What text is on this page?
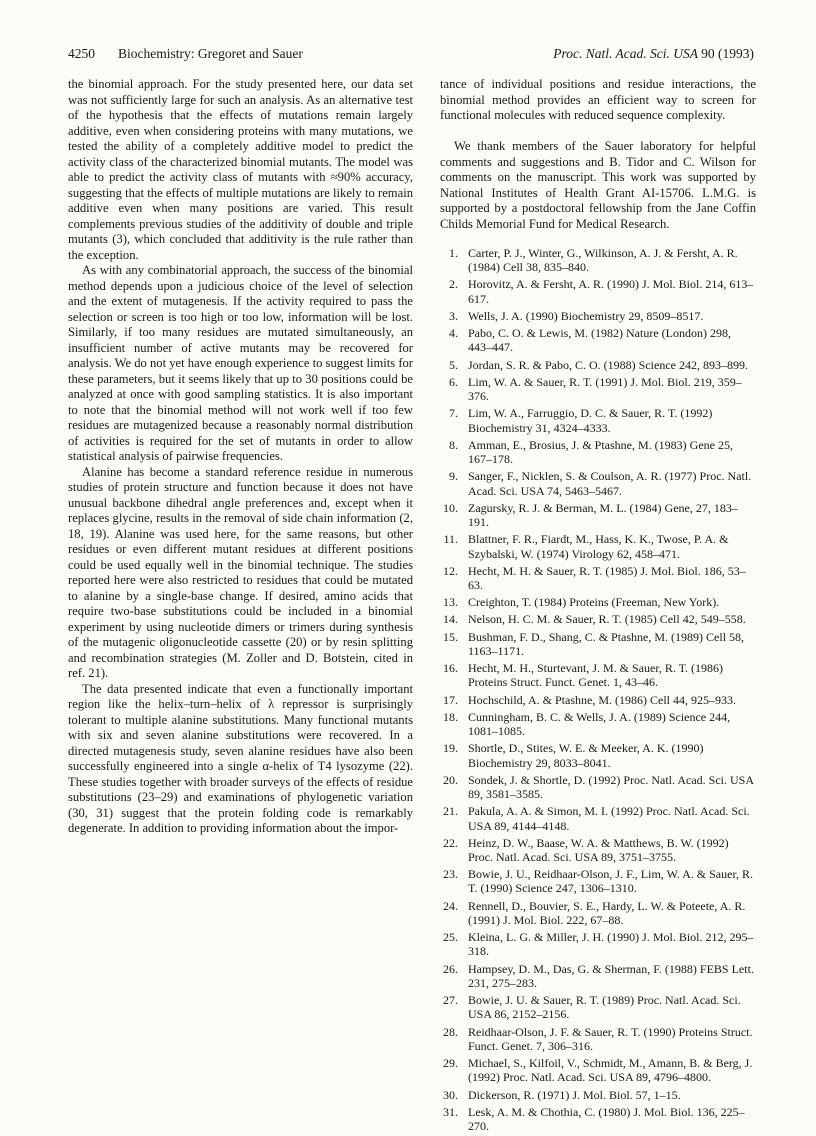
4250 Biochemistry: Gregoret and Sauer	Proc. Natl. Acad. Sci. USA 90 (1993)

the binomial approach. For the study presented here, our data set was not sufficiently large for such an analysis. As an alternative test of the hypothesis that the effects of mutations remain largely additive, even when considering proteins with many mutations, we tested the ability of a completely additive model to predict the activity class of the characterized binomial mutants. The model was able to predict the activity class of mutants with ≈90% accuracy, suggesting that the effects of multiple mutations are likely to remain additive even when many positions are varied. This result complements previous studies of the additivity of double and triple mutants (3), which concluded that additivity is the rule rather than the exception.

As with any combinatorial approach, the success of the binomial method depends upon a judicious choice of the level of selection and the extent of mutagenesis. If the activity required to pass the selection or screen is too high or too low, information will be lost. Similarly, if too many residues are mutated simultaneously, an insufficient number of active mutants may be recovered for analysis. We do not yet have enough experience to suggest limits for these parameters, but it seems likely that up to 30 positions could be analyzed at once with good sampling statistics. It is also important to note that the binomial method will not work well if too few residues are mutagenized because a reasonably normal distribution of activities is required for the set of mutants in order to allow statistical analysis of pairwise frequencies.

Alanine has become a standard reference residue in numerous studies of protein structure and function because it does not have unusual backbone dihedral angle preferences and, except when it replaces glycine, results in the removal of side chain information (2, 18, 19). Alanine was used here, for the same reasons, but other residues or even different mutant residues at different positions could be used equally well in the binomial technique. The studies reported here were also restricted to residues that could be mutated to alanine by a single-base change. If desired, amino acids that require two-base substitutions could be included in a binomial experiment by using nucleotide dimers or trimers during synthesis of the mutagenic oligonucleotide cassette (20) or by resin splitting and recombination strategies (M. Zoller and D. Botstein, cited in ref. 21).

The data presented indicate that even a functionally important region like the helix–turn–helix of λ repressor is surprisingly tolerant to multiple alanine substitutions. Many functional mutants with six and seven alanine substitutions were recovered. In a directed mutagenesis study, seven alanine residues have also been successfully engineered into a single α-helix of T4 lysozyme (22). These studies together with broader surveys of the effects of residue substitutions (23–29) and examinations of phylogenetic variation (30, 31) suggest that the protein folding code is remarkably degenerate. In addition to providing information about the impor-

tance of individual positions and residue interactions, the binomial method provides an efficient way to screen for functional molecules with reduced sequence complexity.

We thank members of the Sauer laboratory for helpful comments and suggestions and B. Tidor and C. Wilson for comments on the manuscript. This work was supported by National Institutes of Health Grant AI-15706. L.M.G. is supported by a postdoctoral fellowship from the Jane Coffin Childs Memorial Fund for Medical Research.

1. Carter, P. J., Winter, G., Wilkinson, A. J. & Fersht, A. R. (1984) Cell 38, 835–840.
2. Horovitz, A. & Fersht, A. R. (1990) J. Mol. Biol. 214, 613–617.
3. Wells, J. A. (1990) Biochemistry 29, 8509–8517.
4. Pabo, C. O. & Lewis, M. (1982) Nature (London) 298, 443–447.
5. Jordan, S. R. & Pabo, C. O. (1988) Science 242, 893–899.
6. Lim, W. A. & Sauer, R. T. (1991) J. Mol. Biol. 219, 359–376.
7. Lim, W. A., Farruggio, D. C. & Sauer, R. T. (1992) Biochemistry 31, 4324–4333.
8. Amman, E., Brosius, J. & Ptashne, M. (1983) Gene 25, 167–178.
9. Sanger, F., Nicklen, S. & Coulson, A. R. (1977) Proc. Natl. Acad. Sci. USA 74, 5463–5467.
10. Zagursky, R. J. & Berman, M. L. (1984) Gene, 27, 183–191.
11. Blattner, F. R., Fiardt, M., Hass, K. K., Twose, P. A. & Szybalski, W. (1974) Virology 62, 458–471.
12. Hecht, M. H. & Sauer, R. T. (1985) J. Mol. Biol. 186, 53–63.
13. Creighton, T. (1984) Proteins (Freeman, New York).
14. Nelson, H. C. M. & Sauer, R. T. (1985) Cell 42, 549–558.
15. Bushman, F. D., Shang, C. & Ptashne, M. (1989) Cell 58, 1163–1171.
16. Hecht, M. H., Sturtevant, J. M. & Sauer, R. T. (1986) Proteins Struct. Funct. Genet. 1, 43–46.
17. Hochschild, A. & Ptashne, M. (1986) Cell 44, 925–933.
18. Cunningham, B. C. & Wells, J. A. (1989) Science 244, 1081–1085.
19. Shortle, D., Stites, W. E. & Meeker, A. K. (1990) Biochemistry 29, 8033–8041.
20. Sondek, J. & Shortle, D. (1992) Proc. Natl. Acad. Sci. USA 89, 3581–3585.
21. Pakula, A. A. & Simon, M. I. (1992) Proc. Natl. Acad. Sci. USA 89, 4144–4148.
22. Heinz, D. W., Baase, W. A. & Matthews, B. W. (1992) Proc. Natl. Acad. Sci. USA 89, 3751–3755.
23. Bowie, J. U., Reidhaar-Olson, J. F., Lim, W. A. & Sauer, R. T. (1990) Science 247, 1306–1310.
24. Rennell, D., Bouvier, S. E., Hardy, L. W. & Poteete, A. R. (1991) J. Mol. Biol. 222, 67–88.
25. Kleina, L. G. & Miller, J. H. (1990) J. Mol. Biol. 212, 295–318.
26. Hampsey, D. M., Das, G. & Sherman, F. (1988) FEBS Lett. 231, 275–283.
27. Bowie, J. U. & Sauer, R. T. (1989) Proc. Natl. Acad. Sci. USA 86, 2152–2156.
28. Reidhaar-Olson, J. F. & Sauer, R. T. (1990) Proteins Struct. Funct. Genet. 7, 306–316.
29. Michael, S., Kilfoil, V., Schmidt, M., Amann, B. & Berg, J. (1992) Proc. Natl. Acad. Sci. USA 89, 4796–4800.
30. Dickerson, R. (1971) J. Mol. Biol. 57, 1–15.
31. Lesk, A. M. & Chothia, C. (1980) J. Mol. Biol. 136, 225–270.
